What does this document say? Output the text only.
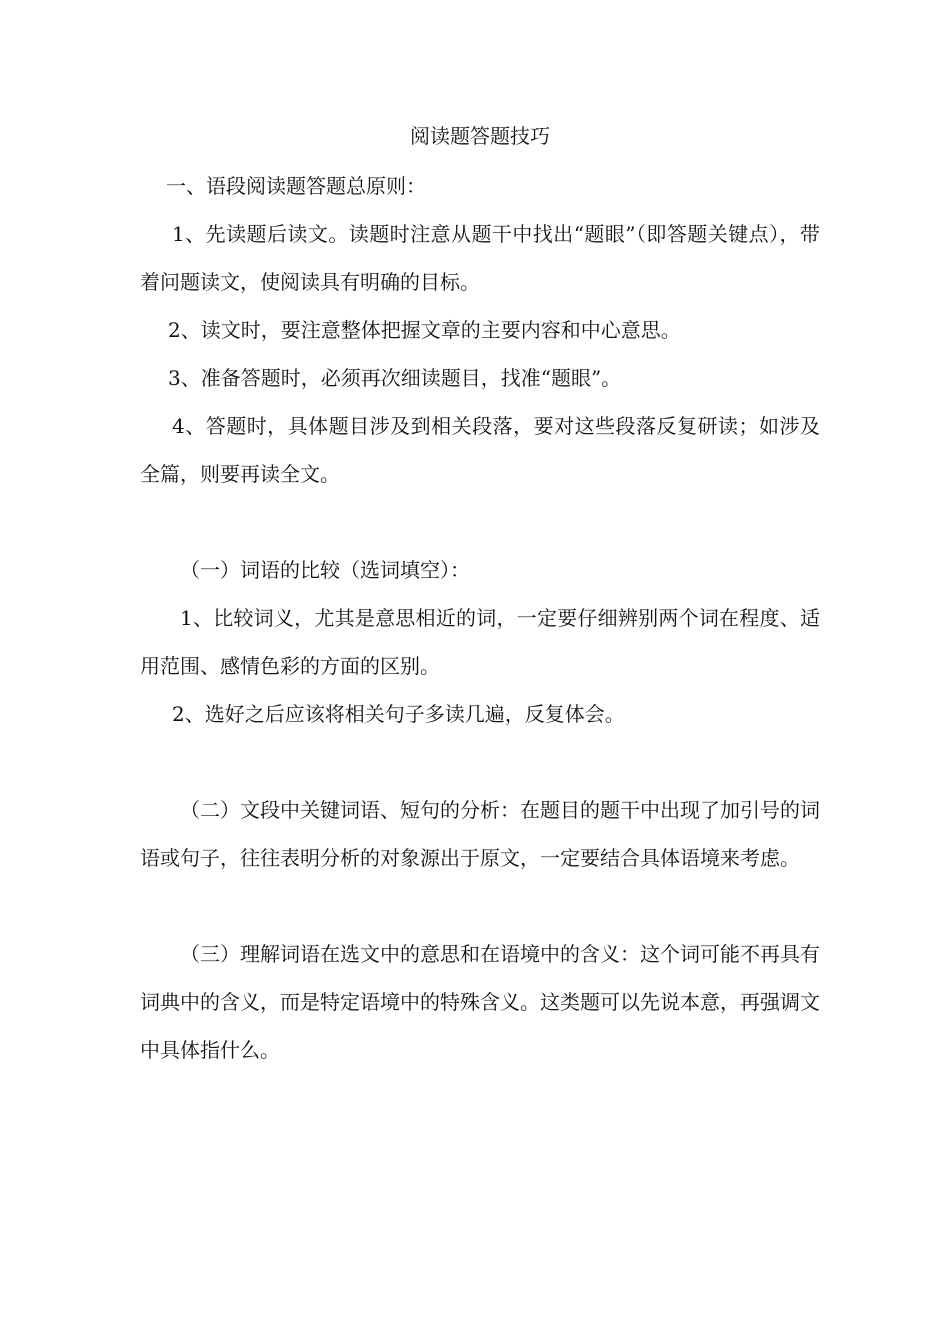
阅读题答题技巧

一、语段阅读题答题总原则：

1、先读题后读文。读题时注意从题干中找出“题眼”（即答题关键点），带着问题读文，使阅读具有明确的目标。

2、读文时，要注意整体把握文章的主要内容和中心意思。

3、准备答题时，必须再次细读题目，找准“题眼”。

4、答题时，具体题目涉及到相关段落，要对这些段落反复研读；如涉及全篇，则要再读全文。

（一）词语的比较（选词填空）：

1、比较词义，尤其是意思相近的词，一定要仔细辨别两个词在程度、适用范围、感情色彩的方面的区别。

2、选好之后应该将相关句子多读几遍，反复体会。

（二）文段中关键词语、短句的分析：在题目的题干中出现了加引号的词语或句子，往往表明分析的对象源出于原文，一定要结合具体语境来考虑。

（三）理解词语在选文中的意思和在语境中的含义：这个词可能不再具有词典中的含义，而是特定语境中的特殊含义。这类题可以先说本意，再强调文中具体指什么。
